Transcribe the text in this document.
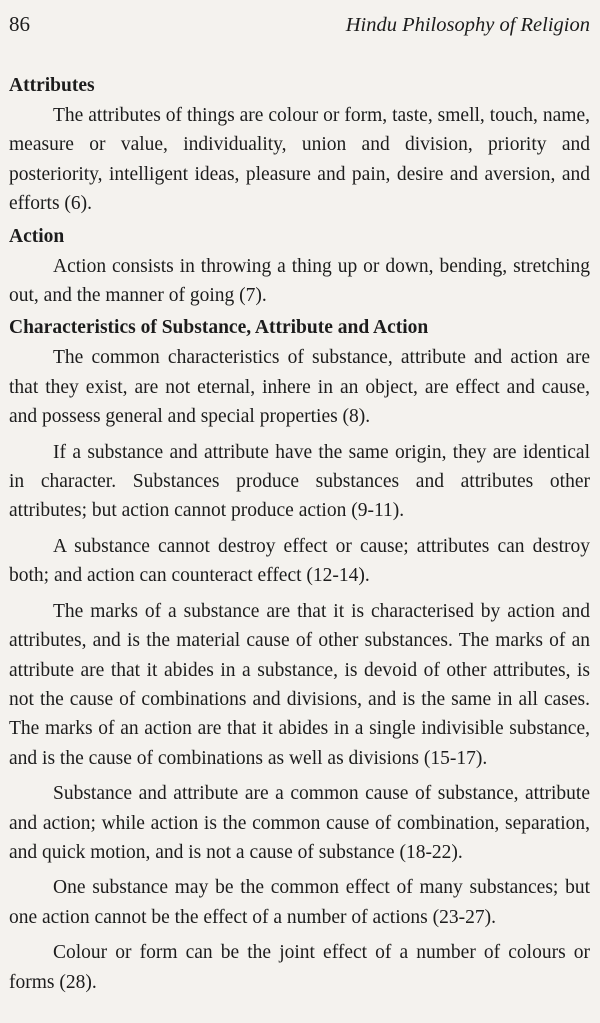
86	Hindu Philosophy of Religion
Attributes

The attributes of things are colour or form, taste, smell, touch, name, measure or value, individuality, union and division, priority and posteriority, intelligent ideas, pleasure and pain, desire and aversion, and efforts (6).

Action

Action consists in throwing a thing up or down, bending, stretching out, and the manner of going (7).

Characteristics of Substance, Attribute and Action

The common characteristics of substance, attribute and action are that they exist, are not eternal, inhere in an object, are effect and cause, and possess general and special properties (8).

If a substance and attribute have the same origin, they are identical in character. Substances produce substances and attributes other attributes; but action cannot produce action (9-11).

A substance cannot destroy effect or cause; attributes can destroy both; and action can counteract effect (12-14).

The marks of a substance are that it is characterised by action and attributes, and is the material cause of other substances. The marks of an attribute are that it abides in a substance, is devoid of other attributes, is not the cause of combinations and divisions, and is the same in all cases. The marks of an action are that it abides in a single indivisible substance, and is the cause of combinations as well as divisions (15-17).

Substance and attribute are a common cause of substance, attribute and action; while action is the common cause of combination, separation, and quick motion, and is not a cause of substance (18-22).

One substance may be the common effect of many substances; but one action cannot be the effect of a number of actions (23-27).

Colour or form can be the joint effect of a number of colours or forms (28).
